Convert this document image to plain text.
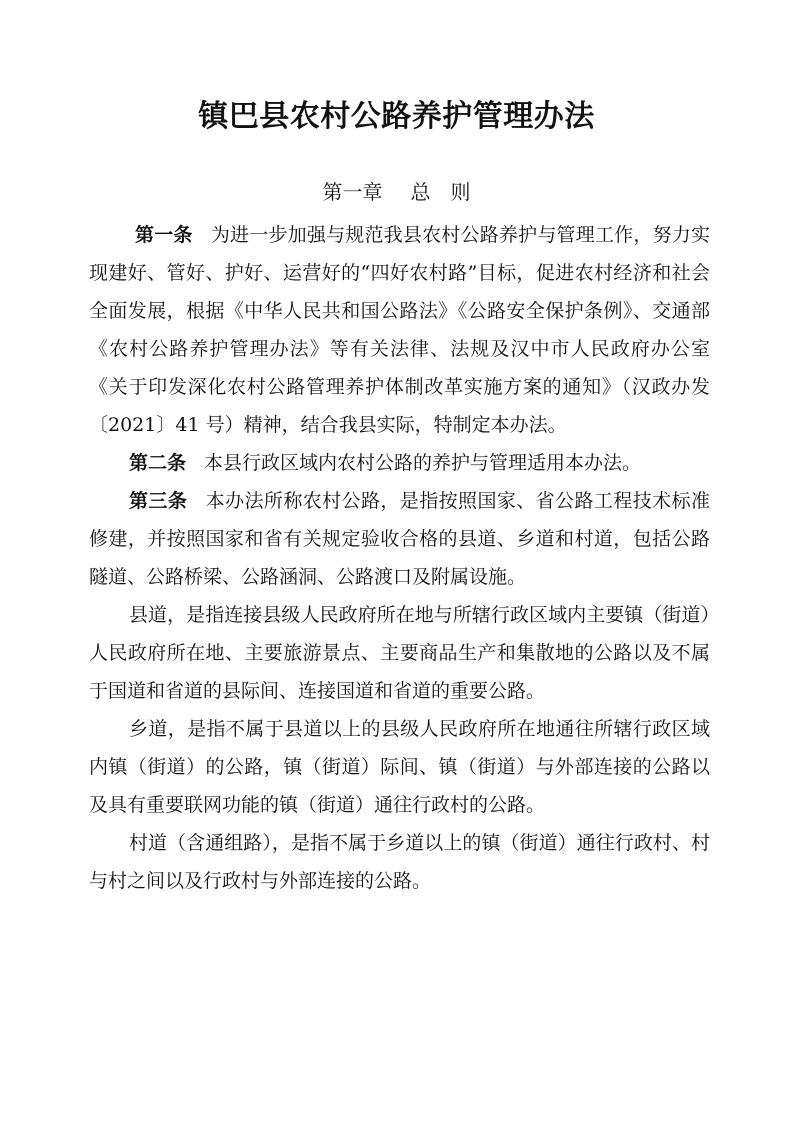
镇巴县农村公路养护管理办法
第一章 总　则

第一条 为进一步加强与规范我县农村公路养护与管理工作，努力实现建好、管好、护好、运营好的“四好农村路”目标，促进农村经济和社会全面发展，根据《中华人民共和国公路法》《公路安全保护条例》、交通部《农村公路养护管理办法》等有关法律、法规及汉中市人民政府办公室《关于印发深化农村公路管理养护体制改革实施方案的通知》（汉政办发〔2021〕41 号）精神，结合我县实际，特制定本办法。

第二条 本县行政区域内农村公路的养护与管理适用本办法。

第三条 本办法所称农村公路，是指按照国家、省公路工程技术标准修建，并按照国家和省有关规定验收合格的县道、乡道和村道，包括公路隧道、公路桥梁、公路涵洞、公路渡口及附属设施。

县道，是指连接县级人民政府所在地与所辖行政区域内主要镇（街道）人民政府所在地、主要旅游景点、主要商品生产和集散地的公路以及不属于国道和省道的县际间、连接国道和省道的重要公路。

乡道，是指不属于县道以上的县级人民政府所在地通往所辖行政区域内镇（街道）的公路，镇（街道）际间、镇（街道）与外部连接的公路以及具有重要联网功能的镇（街道）通往行政村的公路。

村道（含通组路），是指不属于乡道以上的镇（街道）通往行政村、村与村之间以及行政村与外部连接的公路。
